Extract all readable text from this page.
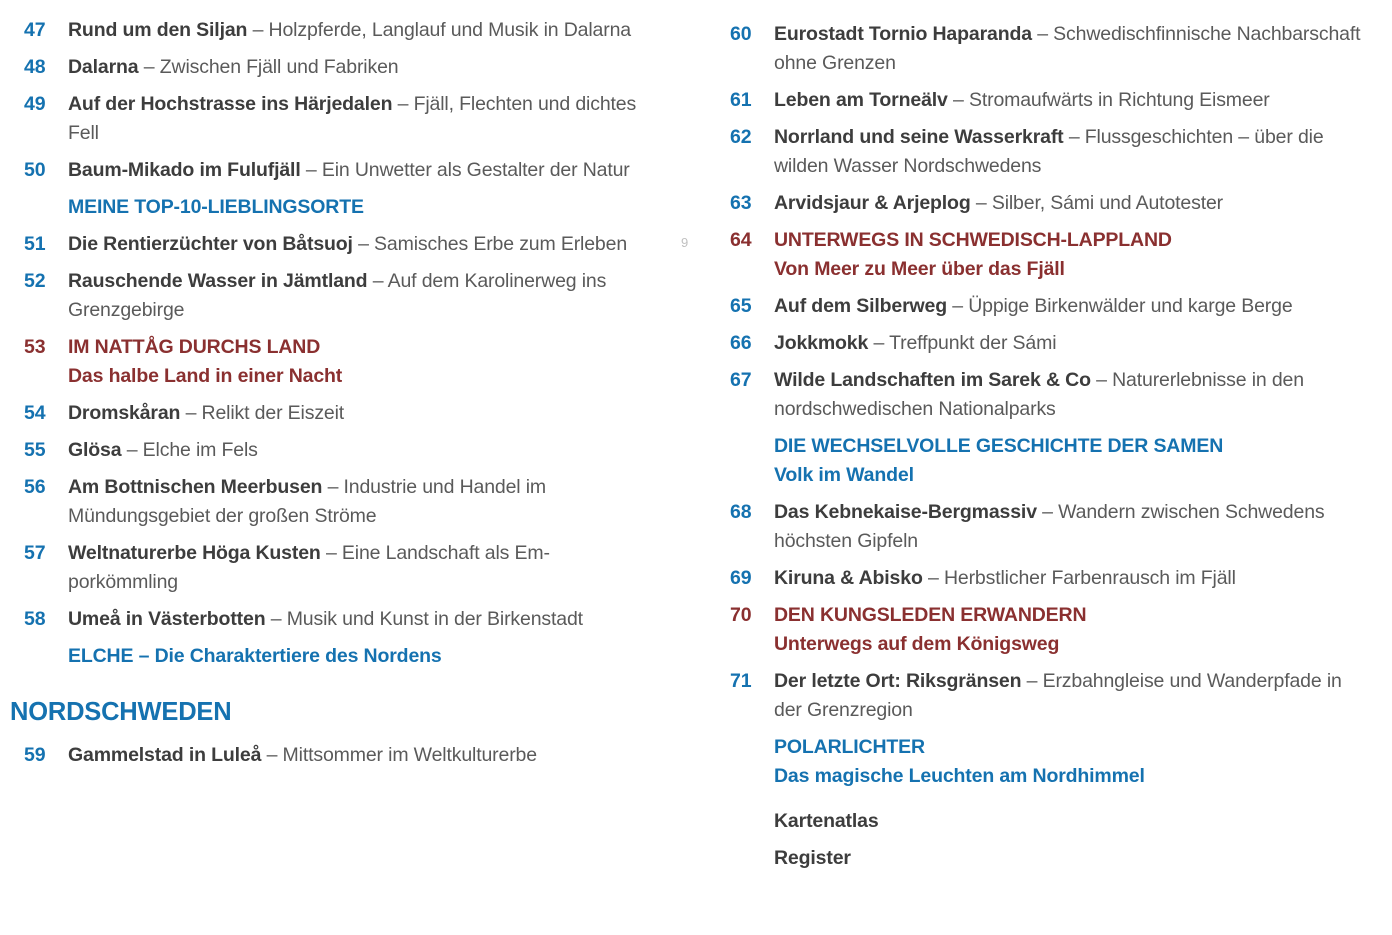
47	Rund um den Siljan – Holzpferde, Langlauf und Musik in Dalarna
48	Dalarna – Zwischen Fjäll und Fabriken
49	Auf der Hochstrasse ins Härjedalen – Fjäll, Flechten und dichtes Fell
50	Baum-Mikado im Fulufjäll – Ein Unwetter als Gestalter der Natur
MEINE TOP-10-LIEBLINGSORTE
51	Die Rentierzüchter von Båtsuoj – Samisches Erbe zum Erleben
52	Rauschende Wasser in Jämtland – Auf dem Karolinerweg ins Grenzgebirge
53	IM NATTÅG DURCHS LAND
Das halbe Land in einer Nacht
54	Dromskåran – Relikt der Eiszeit
55	Glösa – Elche im Fels
56	Am Bottnischen Meerbusen – Industrie und Handel im Mündungsgebiet der großen Ströme
57	Weltnaturerbe Höga Kusten – Eine Landschaft als Emporkömmling
58	Umeå in Västerbotten – Musik und Kunst in der Birkenstadt
ELCHE – Die Charaktertiere des Nordens
NORDSCHWEDEN
59	Gammelstad in Luleå – Mittsommer im Weltkulturerbe
60	Eurostadt Tornio Haparanda – Schwedischfinnische Nachbarschaft ohne Grenzen
61	Leben am Torneälv – Stromaufwärts in Richtung Eismeer
62	Norrland und seine Wasserkraft – Flussgeschichten – über die wilden Wasser Nordschwedens
63	Arvidsjaur & Arjeplog – Silber, Sámi und Autotester
64	UNTERWEGS IN SCHWEDISCH-LAPPLAND
Von Meer zu Meer über das Fjäll
65	Auf dem Silberweg – Üppige Birkenwälder und karge Berge
66	Jokkmokk – Treffpunkt der Sámi
67	Wilde Landschaften im Sarek & Co – Naturerlebnisse in den nordschwedischen Nationalparks
DIE WECHSELVOLLE GESCHICHTE DER SAMEN
Volk im Wandel
68	Das Kebnekaise-Bergmassiv – Wandern zwischen Schwedens höchsten Gipfeln
69	Kiruna & Abisko – Herbstlicher Farbenrausch im Fjäll
70	DEN KUNGSLEDEN ERWANDERN
Unterwegs auf dem Königsweg
71	Der letzte Ort: Riksgränsen – Erzbahngleise und Wanderpfade in der Grenzregion
POLARLICHTER
Das magische Leuchten am Nordhimmel
Kartenatlas
Register
9
